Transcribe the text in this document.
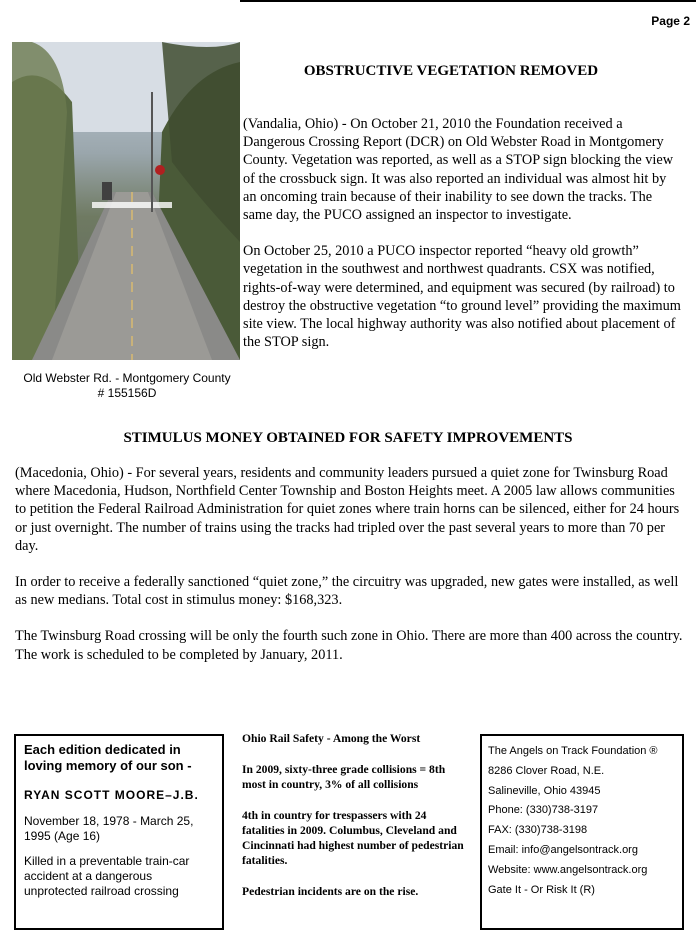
Page 2
Old Webster Rd. - Montgomery County
# 155156D
OBSTRUCTIVE VEGETATION REMOVED

(Vandalia, Ohio) - On October 21, 2010 the Foundation received a Dangerous Crossing Report (DCR) on Old Webster Road in Montgomery County. Vegetation was reported, as well as a STOP sign blocking the view of the crossbuck sign. It was also reported an individual was almost hit by an oncoming train because of their inability to see down the tracks. The same day, the PUCO assigned an inspector to investigate.

On October 25, 2010 a PUCO inspector reported “heavy old growth” vegetation in the southwest and northwest quadrants. CSX was notified, rights-of-way were determined, and equipment was secured (by railroad) to destroy the obstructive vegetation “to ground level” providing the maximum site view. The local highway authority was also notified about placement of the STOP sign.

STIMULUS MONEY OBTAINED FOR SAFETY IMPROVEMENTS

(Macedonia, Ohio) - For several years, residents and community leaders pursued a quiet zone for Twinsburg Road where Macedonia, Hudson, Northfield Center Township and Boston Heights meet. A 2005 law allows communities to petition the Federal Railroad Administration for quiet zones where train horns can be silenced, either for 24 hours or just overnight. The number of trains using the tracks had tripled over the past several years to more than 70 per day.

In order to receive a federally sanctioned “quiet zone,” the circuitry was upgraded, new gates were installed, as well as new medians. Total cost in stimulus money: $168,323.

The Twinsburg Road crossing will be only the fourth such zone in Ohio. There are more than 400 across the country. The work is scheduled to be completed by January, 2011.

Each edition dedicated in loving memory of our son -
RYAN SCOTT MOORE–J.B.
November 18, 1978 - March 25, 1995 (Age 16)
Killed in a preventable train-car accident at a dangerous unprotected railroad crossing

Ohio Rail Safety - Among the Worst

In 2009, sixty-three grade collisions = 8th most in country, 3% of all collisions

4th in country for trespassers with 24 fatalities in 2009. Columbus, Cleveland and Cincinnati had highest number of pedestrian fatalities.

Pedestrian incidents are on the rise.

The Angels on Track Foundation ®
8286 Clover Road, N.E.
Salineville, Ohio 43945
Phone: (330)738-3197
FAX: (330)738-3198
Email: info@angelsontrack.org
Website: www.angelsontrack.org
Gate It - Or Risk It (R)
